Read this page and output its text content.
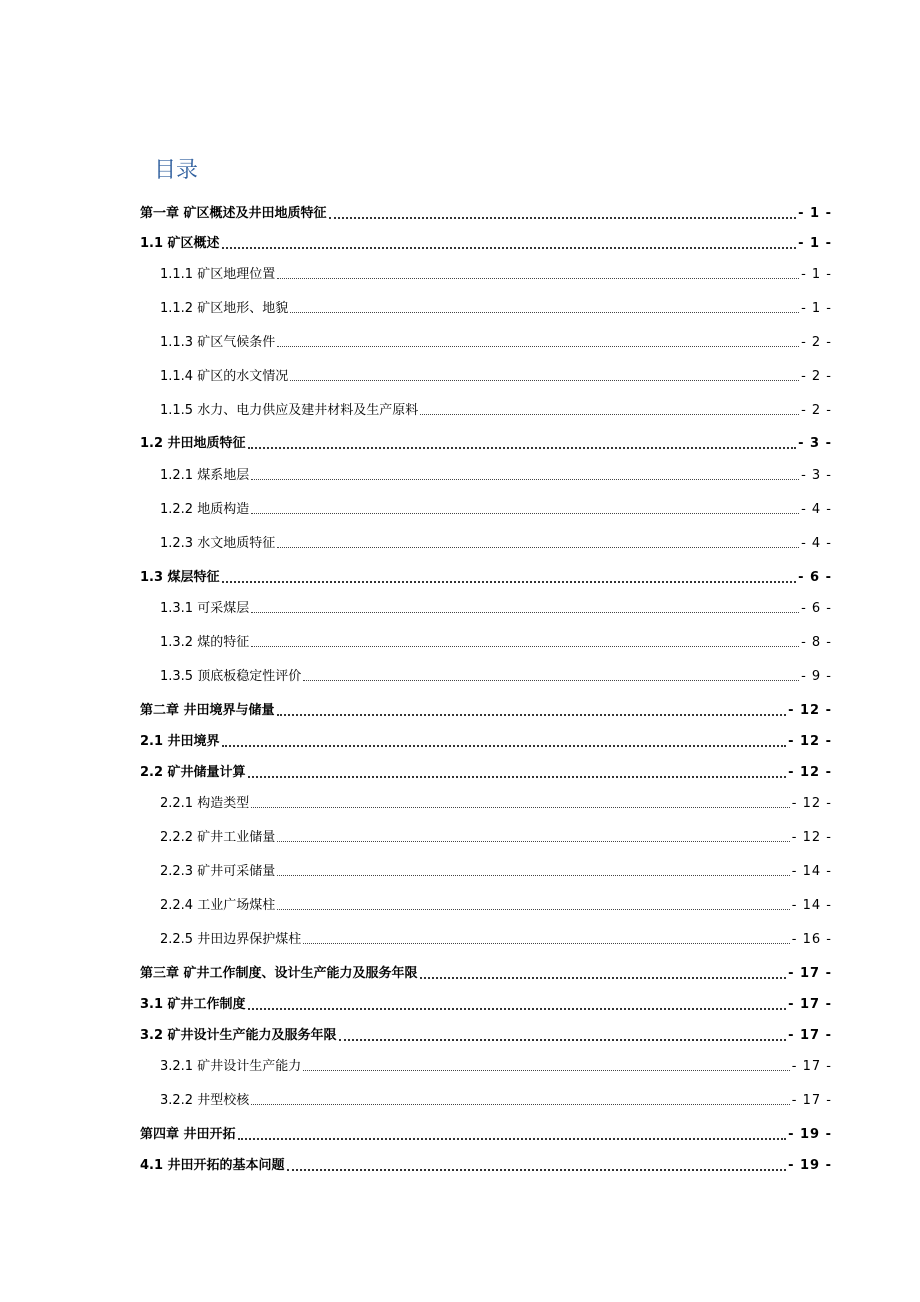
目录
第一章 矿区概述及井田地质特征	- 1 -
1.1 矿区概述	- 1 -
1.1.1 矿区地理位置	- 1 -
1.1.2 矿区地形、地貌	- 1 -
1.1.3 矿区气候条件	- 2 -
1.1.4 矿区的水文情况	- 2 -
1.1.5 水力、电力供应及建井材料及生产原料	- 2 -
1.2 井田地质特征	- 3 -
1.2.1 煤系地层	- 3 -
1.2.2 地质构造	- 4 -
1.2.3 水文地质特征	- 4 -
1.3 煤层特征	- 6 -
1.3.1 可采煤层	- 6 -
1.3.2 煤的特征	- 8 -
1.3.5 顶底板稳定性评价	- 9 -
第二章 井田境界与储量	- 12 -
2.1 井田境界	- 12 -
2.2 矿井储量计算	- 12 -
2.2.1 构造类型	- 12 -
2.2.2 矿井工业储量	- 12 -
2.2.3 矿井可采储量	- 14 -
2.2.4 工业广场煤柱	- 14 -
2.2.5 井田边界保护煤柱	- 16 -
第三章 矿井工作制度、设计生产能力及服务年限	- 17 -
3.1 矿井工作制度	- 17 -
3.2 矿井设计生产能力及服务年限	- 17 -
3.2.1 矿井设计生产能力	- 17 -
3.2.2 井型校核	- 17 -
第四章 井田开拓	- 19 -
4.1 井田开拓的基本问题	- 19 -
